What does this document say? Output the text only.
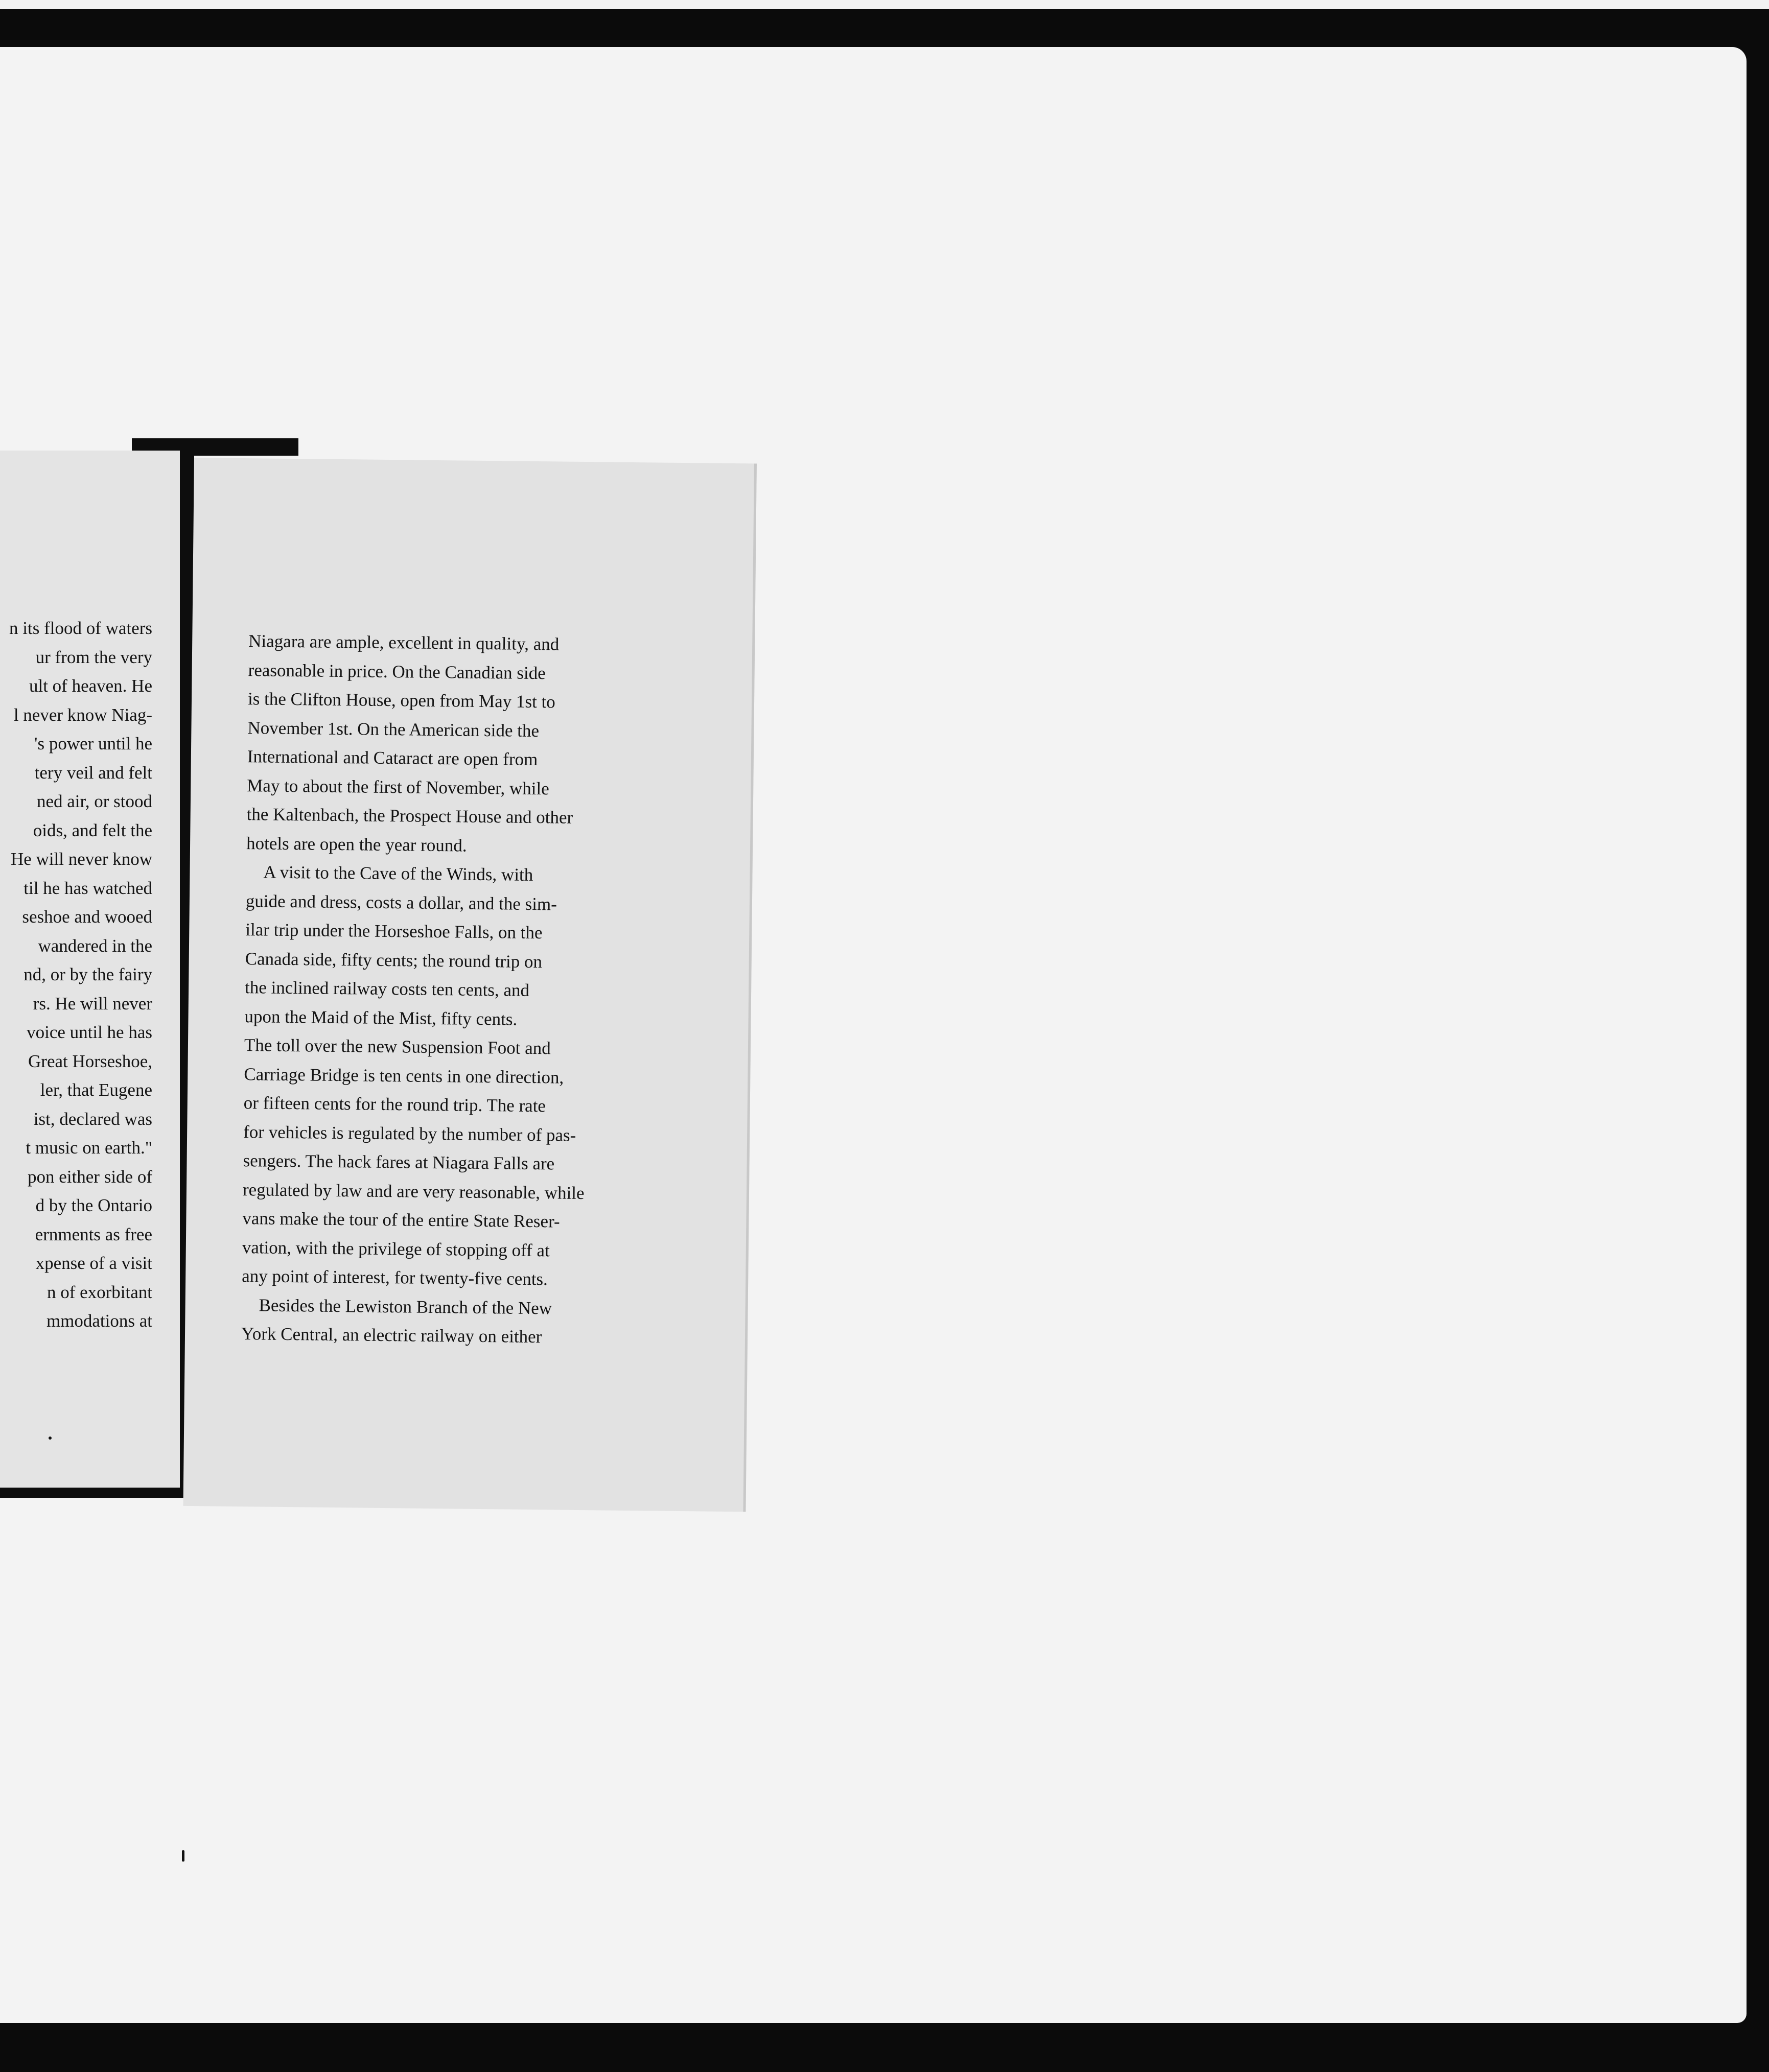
n its flood of waters
ur from the very
ult of heaven. He
l never know Niag-
's power until he
tery veil and felt
ned air, or stood
oids, and felt the
He will never know
til he has watched
seshoe and wooed
wandered in the
nd, or by the fairy
rs. He will never
voice until he has
Great Horseshoe,
ler, that Eugene
ist, declared was
t music on earth."
pon either side of
d by the Ontario
ernments as free
xpense of a visit
n of exorbitant
mmodations at
Niagara are ample, excellent in quality, and
reasonable in price. On the Canadian side
is the Clifton House, open from May 1st to
November 1st. On the American side the
International and Cataract are open from
May to about the first of November, while
the Kaltenbach, the Prospect House and other
hotels are open the year round.
A visit to the Cave of the Winds, with
guide and dress, costs a dollar, and the sim-
ilar trip under the Horseshoe Falls, on the
Canada side, fifty cents; the round trip on
the inclined railway costs ten cents, and
upon the Maid of the Mist, fifty cents.
The toll over the new Suspension Foot and
Carriage Bridge is ten cents in one direction,
or fifteen cents for the round trip. The rate
for vehicles is regulated by the number of pas-
sengers. The hack fares at Niagara Falls are
regulated by law and are very reasonable, while
vans make the tour of the entire State Reser-
vation, with the privilege of stopping off at
any point of interest, for twenty-five cents.
Besides the Lewiston Branch of the New
York Central, an electric railway on either
